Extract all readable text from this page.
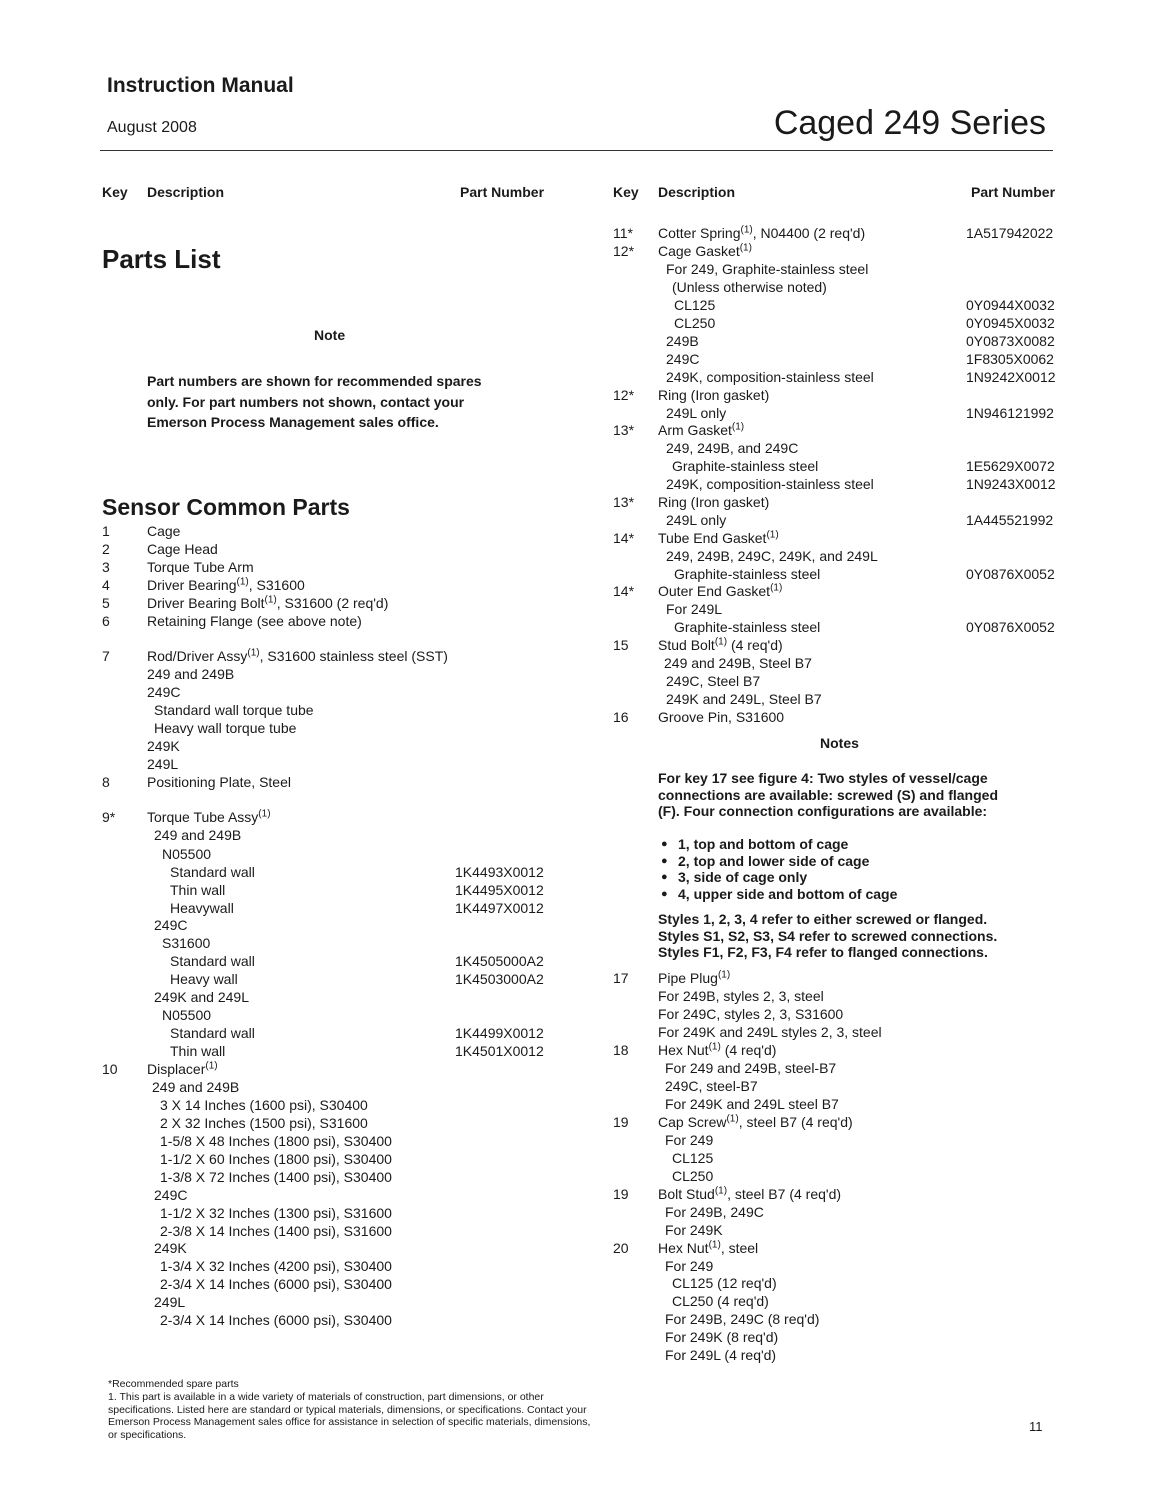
Instruction Manual
August 2008	Caged 249 Series
Key Description	Part Number	Key Description	Part Number
Parts List
Note
Part numbers are shown for recommended spares only. For part numbers not shown, contact your Emerson Process Management sales office.
Sensor Common Parts
1	Cage
2	Cage Head
3	Torque Tube Arm
4	Driver Bearing$^{(1)}$, S31600
5	Driver Bearing Bolt$^{(1)}$, S31600 (2 req'd)
6	Retaining Flange (see above note)
7	Rod/Driver Assy$^{(1)}$, S31600 stainless steel (SST)
249 and 249B
249C
Standard wall torque tube
Heavy wall torque tube
249K
249L
8	Positioning Plate, Steel
9* Torque Tube Assy$^{(1)}$
249 and 249B
N05500
Standard wall	1K4493X0012
Thin wall	1K4495X0012
Heavywall	1K4497X0012
249C
S31600
Standard wall	1K4505000A2
Heavy wall	1K4503000A2
249K and 249L
N05500
Standard wall	1K4499X0012
Thin wall	1K4501X0012
10 Displacer$^{(1)}$
249 and 249B
3 X 14 Inches (1600 psi), S30400
2 X 32 Inches (1500 psi), S31600
1-5/8 X 48 Inches (1800 psi), S30400
1-1/2 X 60 Inches (1800 psi), S30400
1-3/8 X 72 Inches (1400 psi), S30400
249C
1-1/2 X 32 Inches (1300 psi), S31600
2-3/8 X 14 Inches (1400 psi), S31600
249K
1-3/4 X 32 Inches (4200 psi), S30400
2-3/4 X 14 Inches (6000 psi), S30400
249L
2-3/4 X 14 Inches (6000 psi), S30400
11* Cotter Spring$^{(1)}$, N04400 (2 req'd)	1A517942022
12* Cage Gasket$^{(1)}$
For 249, Graphite-stainless steel
(Unless otherwise noted)
CL125	0Y0944X0032
CL250	0Y0945X0032
249B	0Y0873X0082
249C	1F8305X0062
249K, composition-stainless steel	1N9242X0012
12* Ring (Iron gasket)
249L only	1N946121992
13* Arm Gasket$^{(1)}$
249, 249B, and 249C
Graphite-stainless steel	1E5629X0072
249K, composition-stainless steel	1N9243X0012
13* Ring (Iron gasket)
249L only	1A445521992
14* Tube End Gasket$^{(1)}$
249, 249B, 249C, 249K, and 249L
Graphite-stainless steel	0Y0876X0052
14* Outer End Gasket$^{(1)}$
For 249L
Graphite-stainless steel	0Y0876X0052
15 Stud Bolt$^{(1)}$ (4 req'd)
249 and 249B, Steel B7
249C, Steel B7
249K and 249L, Steel B7
16 Groove Pin, S31600
17 Pipe Plug$^{(1)}$
For 249B, styles 2, 3, steel
For 249C, styles 2, 3, S31600
For 249K and 249L styles 2, 3, steel
18 Hex Nut$^{(1)}$ (4 req'd)
For 249 and 249B, steel-B7
249C, steel-B7
For 249K and 249L steel B7
19 Cap Screw$^{(1)}$, steel B7 (4 req'd)
For 249
CL125
CL250
19 Bolt Stud$^{(1)}$, steel B7 (4 req'd)
For 249B, 249C
For 249K
20 Hex Nut$^{(1)}$, steel
For 249
CL125 (12 req'd)
CL250 (4 req'd)
For 249B, 249C (8 req'd)
For 249K (8 req'd)
For 249L (4 req'd)
Notes
For key 17 see figure 4: Two styles of vessel/cage connections are available: screwed (S) and flanged (F). Four connection configurations are available:
● 1, top and bottom of cage
● 2, top and lower side of cage
● 3, side of cage only
● 4, upper side and bottom of cage
Styles 1, 2, 3, 4 refer to either screwed or flanged. Styles S1, S2, S3, S4 refer to screwed connections. Styles F1, F2, F3, F4 refer to flanged connections.
*Recommended spare parts
1. This part is available in a wide variety of materials of construction, part dimensions, or other specifications. Listed here are standard or typical materials, dimensions, or specifications. Contact your Emerson Process Management sales office for assistance in selection of specific materials, dimensions, or specifications.
11
